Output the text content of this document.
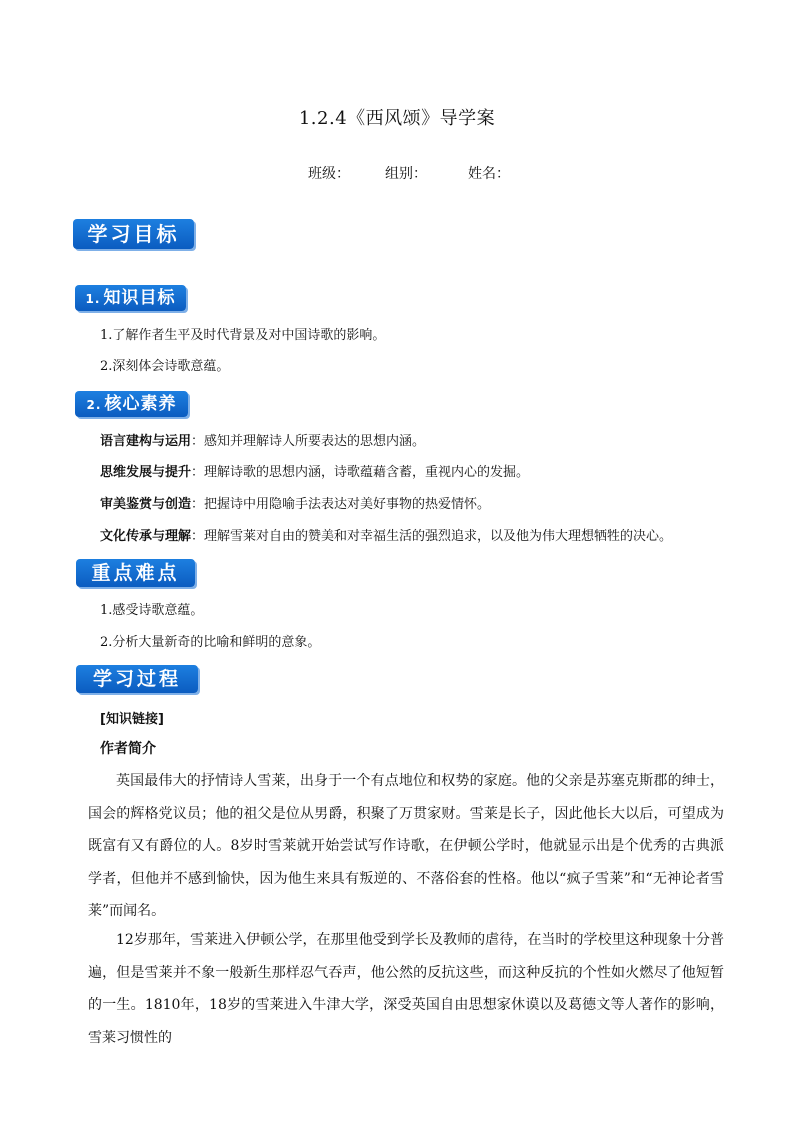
1.2.4《西风颂》导学案
班级：	组别：	姓名：
学习目标
1. 知识目标
1.了解作者生平及时代背景及对中国诗歌的影响。
2.深刻体会诗歌意蕴。
2. 核心素养
语言建构与运用：感知并理解诗人所要表达的思想内涵。
思维发展与提升：理解诗歌的思想内涵，诗歌蕴藉含蓄，重视内心的发掘。
审美鉴赏与创造：把握诗中用隐喻手法表达对美好事物的热爱情怀。
文化传承与理解：理解雪莱对自由的赞美和对幸福生活的强烈追求，以及他为伟大理想牺牲的决心。
重点难点
1.感受诗歌意蕴。
2.分析大量新奇的比喻和鲜明的意象。
学习过程
[知识链接]
作者简介
英国最伟大的抒情诗人雪莱，出身于一个有点地位和权势的家庭。他的父亲是苏塞克斯郡的绅士，国会的辉格党议员；他的祖父是位从男爵，积聚了万贯家财。雪莱是长子，因此他长大以后，可望成为既富有又有爵位的人。8岁时雪莱就开始尝试写作诗歌，在伊顿公学时，他就显示出是个优秀的古典派学者，但他并不感到愉快，因为他生来具有叛逆的、不落俗套的性格。他以“疯子雪莱”和“无神论者雪莱”而闻名。
12岁那年，雪莱进入伊顿公学，在那里他受到学长及教师的虐待，在当时的学校里这种现象十分普遍，但是雪莱并不象一般新生那样忍气吞声，他公然的反抗这些，而这种反抗的个性如火燃尽了他短暂的一生。1810年，18岁的雪莱进入牛津大学，深受英国自由思想家休谟以及葛德文等人著作的影响，雪莱习惯性的
